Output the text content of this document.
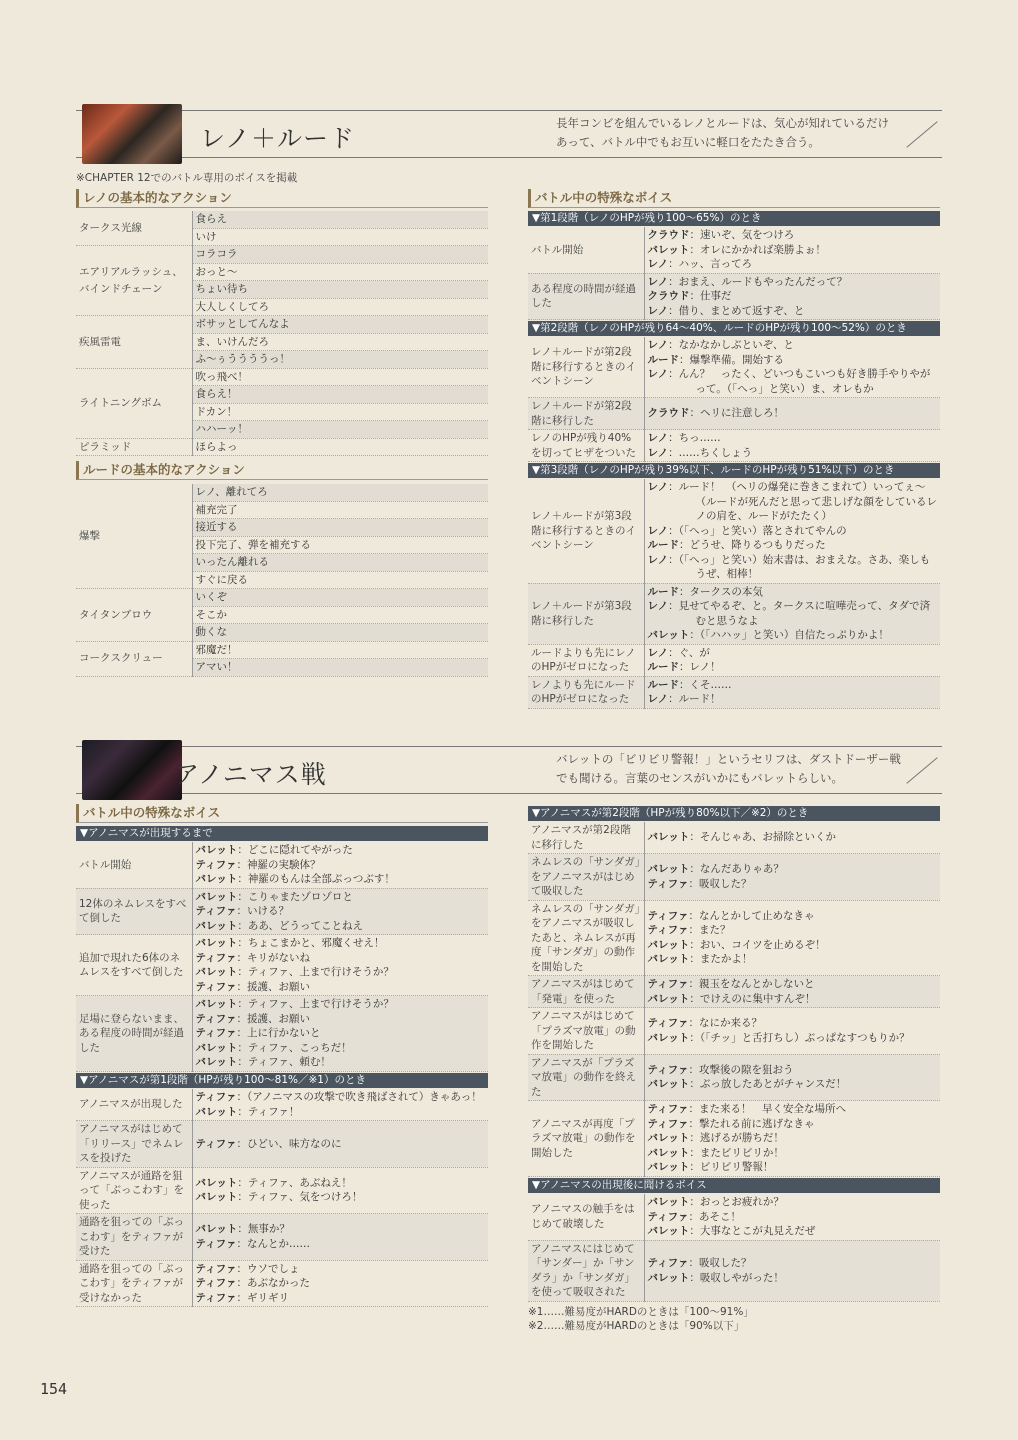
レノ＋ルード
長年コンビを組んでいるレノとルードは、気心が知れているだけ
あって、バトル中でもお互いに軽口をたたき合う。
※CHAPTER 12でのバトル専用のボイスを掲載
レノの基本的なアクション
タークス光線	食らえ
	いけ
エアリアルラッシュ、
バインドチェーン	コラコラ
	おっと〜
	ちょい待ち
	大人しくしてろ
疾風雷電	ボサッとしてんなよ
	ま、いけんだろ
	ふ〜ぅううううっ！
ライトニングボム	吹っ飛べ！
	食らえ！
	ドカン！
	ハハーッ！
ピラミッド	ほらよっ
ルードの基本的なアクション
爆撃	レノ、離れてろ
	補充完了
	接近する
	投下完了、弾を補充する
	いったん離れる
	すぐに戻る
タイタンブロウ	いくぞ
	そこか
	動くな
コークスクリュー	邪魔だ！
	アマい！
バトル中の特殊なボイス
▼第1段階（レノのHPが残り100〜65%）のとき
バトル開始	クラウド：速いぞ、気をつけろ
バレット：オレにかかれば楽勝よぉ！
レノ：ハッ、言ってろ

ある程度の時間が経過した	レノ：おまえ、ルードもやったんだって？
クラウド：仕事だ
レノ：借り、まとめて返すぞ、と
▼第2段階（レノのHPが残り64〜40%、ルードのHPが残り100〜52%）のとき
レノ＋ルードが第2段階に移行するときのイベントシーン	レノ：なかなかしぶといぞ、と
ルード：爆撃準備。開始する
レノ：んん？　ったく、どいつもこいつも好き勝手やりやがって。（「へっ」と笑い）ま、オレもか

レノ＋ルードが第2段階に移行した	クラウド：ヘリに注意しろ！

レノのHPが残り40%を切ってヒザをついた	レノ：ちっ……
レノ：……ちくしょう
▼第3段階（レノのHPが残り39%以下、ルードのHPが残り51%以下）のとき
レノ＋ルードが第3段階に移行するときのイベントシーン	レノ：ルード！　（ヘリの爆発に巻きこまれて）いってぇ〜（ルードが死んだと思って悲しげな顔をしているレノの肩を、ルードがたたく）
レノ：（「へっ」と笑い）落とされてやんの
ルード：どうせ、降りるつもりだった
レノ：（「へっ」と笑い）始末書は、おまえな。さあ、楽しもうぜ、相棒！

レノ＋ルードが第3段階に移行した	ルード：タークスの本気
レノ：見せてやるぞ、と。タークスに喧嘩売って、タダで済むと思うなよ
バレット：（「ハハッ」と笑い）自信たっぷりかよ！

ルードよりも先にレノのHPがゼロになった	レノ：ぐ、が
ルード：レノ！

レノよりも先にルードのHPがゼロになった	ルード：くそ……
レノ：ルード！
アノニマス戦
バレットの「ビリビリ警報！」というセリフは、ダストドーザー戦
でも聞ける。言葉のセンスがいかにもバレットらしい。
バトル中の特殊なボイス
▼アノニマスが出現するまで
バトル開始	バレット：どこに隠れてやがった
ティファ：神羅の実験体？
バレット：神羅のもんは全部ぶっつぶす！

12体のネムレスをすべて倒した	バレット：こりゃまたゾロゾロと
ティファ：いける？
バレット：ああ、どうってことねえ

追加で現れた6体のネムレスをすべて倒した	バレット：ちょこまかと、邪魔くせえ！
ティファ：キリがないね
バレット：ティファ、上まで行けそうか？
ティファ：援護、お願い

足場に登らないまま、ある程度の時間が経過した	バレット：ティファ、上まで行けそうか？
ティファ：援護、お願い
ティファ：上に行かないと
バレット：ティファ、こっちだ！
バレット：ティファ、頼む！
▼アノニマスが第1段階（HPが残り100〜81%／※1）のとき
アノニマスが出現した	ティファ：（アノニマスの攻撃で吹き飛ばされて）きゃあっ！
バレット：ティファ！

アノニマスがはじめて「リリース」でネムレスを投げた	ティファ：ひどい、味方なのに

アノニマスが通路を狙って「ぶっこわす」を使った	バレット：ティファ、あぶねえ！
バレット：ティファ、気をつけろ！

通路を狙っての「ぶっこわす」をティファが受けた	バレット：無事か？
ティファ：なんとか……

通路を狙っての「ぶっこわす」をティファが受けなかった	ティファ：ウソでしょ
ティファ：あぶなかった
ティファ：ギリギリ
▼アノニマスが第2段階（HPが残り80%以下／※2）のとき
アノニマスが第2段階に移行した	バレット：そんじゃあ、お掃除といくか

ネムレスの「サンダガ」をアノニマスがはじめて吸収した	バレット：なんだありゃあ？
ティファ：吸収した？

ネムレスの「サンダガ」をアノニマスが吸収したあと、ネムレスが再度「サンダガ」の動作を開始した	ティファ：なんとかして止めなきゃ
ティファ：また？
バレット：おい、コイツを止めるぞ！
バレット：またかよ！

アノニマスがはじめて「発電」を使った	ティファ：親玉をなんとかしないと
バレット：でけえのに集中すんぞ！

アノニマスがはじめて「プラズマ放電」の動作を開始した	ティファ：なにか来る？
バレット：（「チッ」と舌打ちし）ぶっぱなすつもりか？

アノニマスが「プラズマ放電」の動作を終えた	ティファ：攻撃後の隙を狙おう
バレット：ぶっ放したあとがチャンスだ！

アノニマスが再度「プラズマ放電」の動作を開始した	ティファ：また来る！　早く安全な場所へ
ティファ：撃たれる前に逃げなきゃ
バレット：逃げるが勝ちだ！
バレット：またビリビリか！
バレット：ビリビリ警報！
▼アノニマスの出現後に聞けるボイス
アノニマスの触手をはじめて破壊した	バレット：おっとお疲れか？
ティファ：あそこ！
バレット：大事なとこが丸見えだぜ

アノニマスにはじめて「サンダー」か「サンダラ」か「サンダガ」を使って吸収された	ティファ：吸収した？
バレット：吸収しやがった！
※1……難易度がHARDのときは「100〜91%」
※2……難易度がHARDのときは「90%以下」
154
